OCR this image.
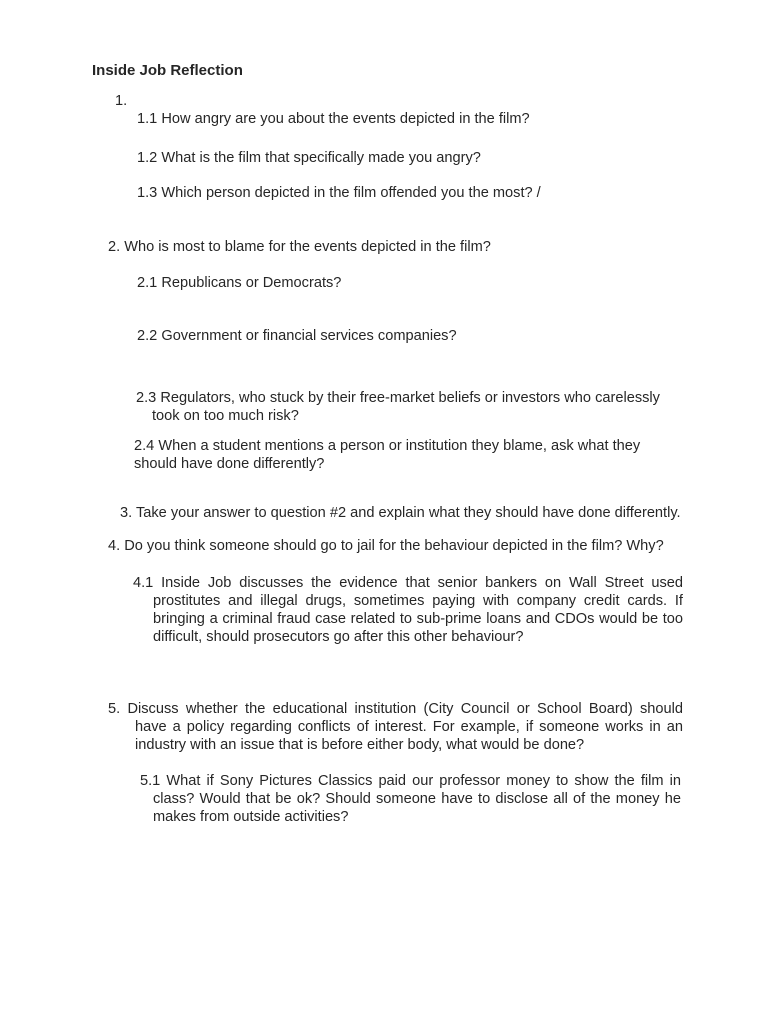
Inside Job Reflection
1.
1.1 How angry are you about the events depicted in the film?
1.2 What is the film that specifically made you angry?
1.3 Which person depicted in the film offended you the most? /
2. Who is most to blame for the events depicted in the film?
2.1 Republicans or Democrats?
2.2 Government or financial services companies?
2.3 Regulators, who stuck by their free-market beliefs or investors who carelessly took on too much risk?
2.4 When a student mentions a person or institution they blame, ask what they should have done differently?
3. Take your answer to question #2 and explain what they should have done differently.
4. Do you think someone should go to jail for the behaviour depicted in the film? Why?
4.1 Inside Job discusses the evidence that senior bankers on Wall Street used prostitutes and illegal drugs, sometimes paying with company credit cards. If bringing a criminal fraud case related to sub-prime loans and CDOs would be too difficult, should prosecutors go after this other behaviour?
5. Discuss whether the educational institution (City Council or School Board) should have a policy regarding conflicts of interest. For example, if someone works in an industry with an issue that is before either body, what would be done?
5.1 What if Sony Pictures Classics paid our professor money to show the film in class? Would that be ok? Should someone have to disclose all of the money he makes from outside activities?
